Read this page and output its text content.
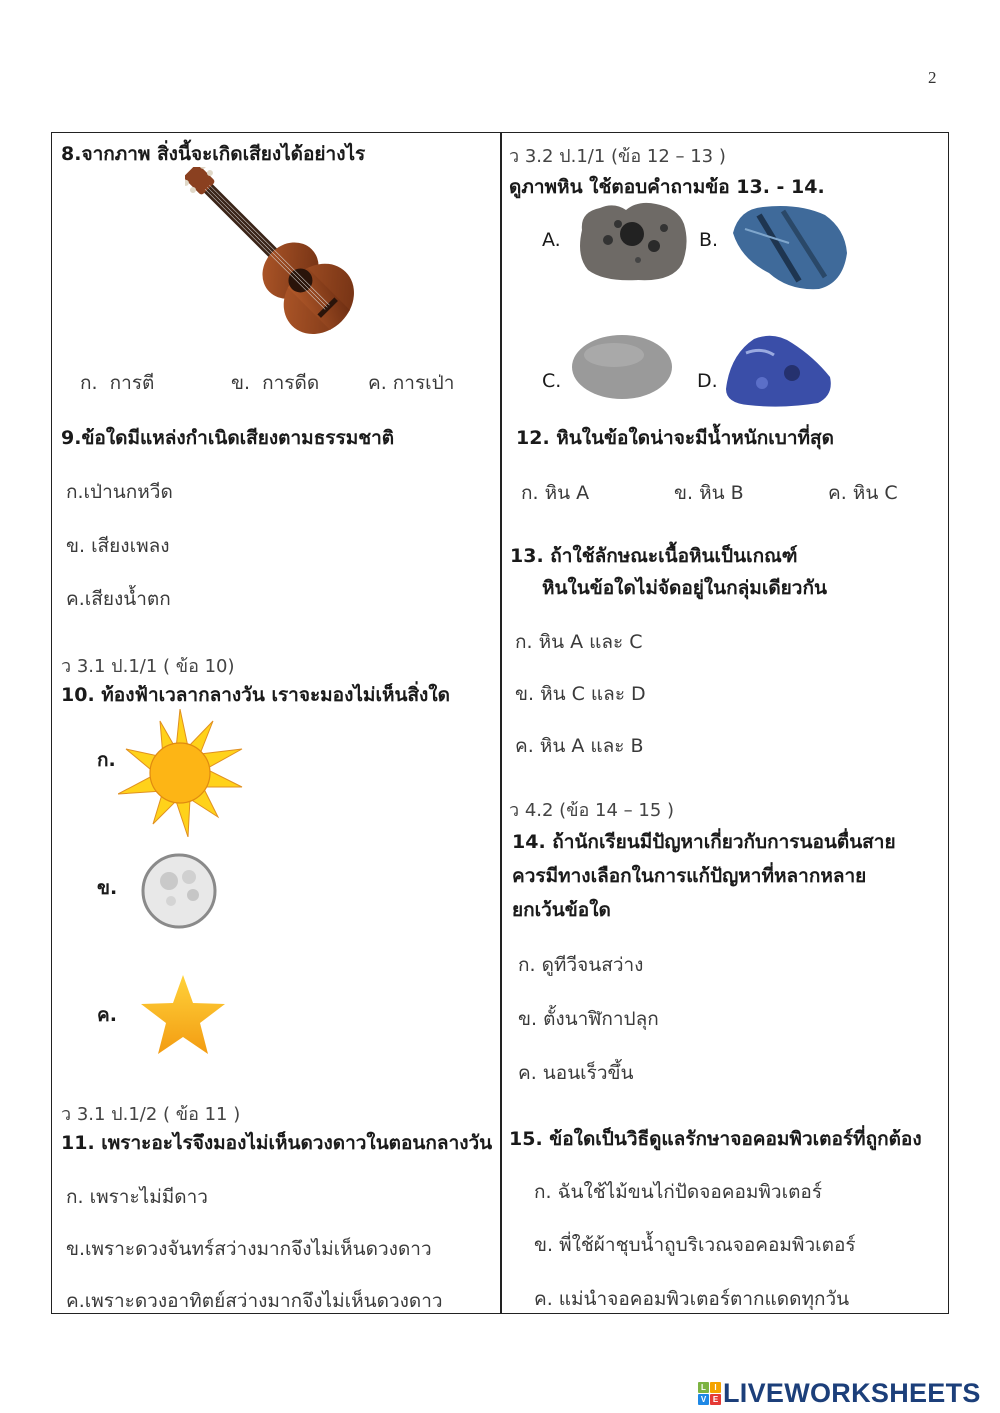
2
8.จากภาพ สิ่งนี้จะเกิดเสียงได้อย่างไร
ก. การตี	ข. การดีด	ค. การเป่า
9.ข้อใดมีแหล่งกำเนิดเสียงตามธรรมชาติ
ก.เป่านกหวีด
ข. เสียงเพลง
ค.เสียงน้ำตก
ว 3.1 ป.1/1 ( ข้อ 10)
10. ท้องฟ้าเวลากลางวัน เราจะมองไม่เห็นสิ่งใด
ก.
ข.
ค.
ว 3.1 ป.1/2 ( ข้อ 11 )
11. เพราะอะไรจึงมองไม่เห็นดวงดาวในตอนกลางวัน
ก. เพราะไม่มีดาว
ข.เพราะดวงจันทร์สว่างมากจึงไม่เห็นดวงดาว
ค.เพราะดวงอาทิตย์สว่างมากจึงไม่เห็นดวงดาว
ว 3.2 ป.1/1 (ข้อ 12 – 13 )
ดูภาพหิน ใช้ตอบคำถามข้อ 13. - 14.
A.	B.
C.	D.
12. หินในข้อใดน่าจะมีน้ำหนักเบาที่สุด
ก. หิน A	ข. หิน B	ค. หิน C
13. ถ้าใช้ลักษณะเนื้อหินเป็นเกณฑ์
หินในข้อใดไม่จัดอยู่ในกลุ่มเดียวกัน
ก. หิน A และ C
ข. หิน C และ D
ค. หิน A และ B
ว 4.2 (ข้อ 14 – 15 )
14. ถ้านักเรียนมีปัญหาเกี่ยวกับการนอนตื่นสาย
ควรมีทางเลือกในการแก้ปัญหาที่หลากหลาย
ยกเว้นข้อใด
ก. ดูทีวีจนสว่าง
ข. ตั้งนาฬิกาปลุก
ค. นอนเร็วขึ้น
15. ข้อใดเป็นวิธีดูแลรักษาจอคอมพิวเตอร์ที่ถูกต้อง
ก. ฉันใช้ไม้ขนไก่ปัดจอคอมพิวเตอร์
ข. พี่ใช้ผ้าชุบน้ำถูบริเวณจอคอมพิวเตอร์
ค. แม่นำจอคอมพิวเตอร์ตากแดดทุกวัน
L	I
V E LIVEWORKSHEETS
